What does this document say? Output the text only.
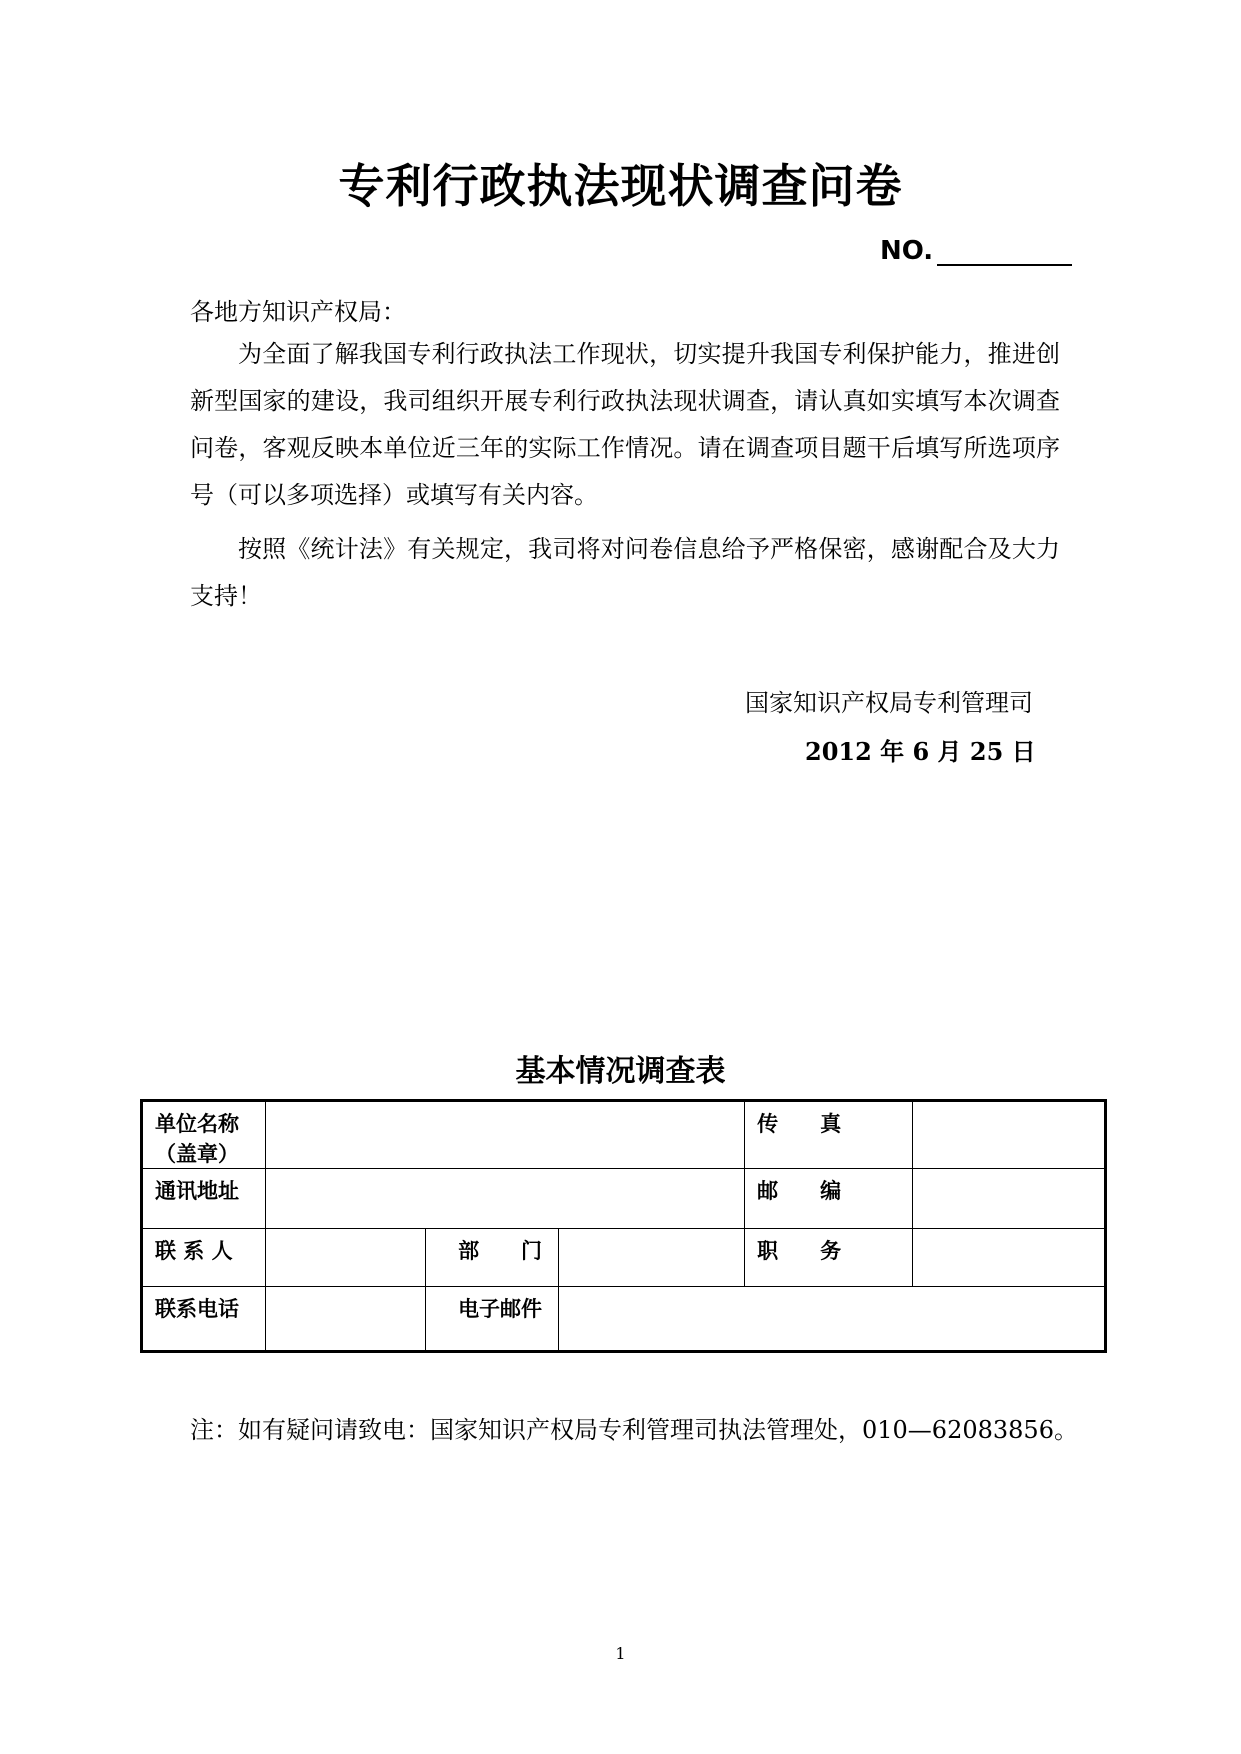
专利行政执法现状调查问卷
NO.
各地方知识产权局：
为全面了解我国专利行政执法工作现状，切实提升我国专利保护能力，推进创新型国家的建设，我司组织开展专利行政执法现状调查，请认真如实填写本次调查问卷，客观反映本单位近三年的实际工作情况。请在调查项目题干后填写所选项序号（可以多项选择）或填写有关内容。
按照《统计法》有关规定，我司将对问卷信息给予严格保密，感谢配合及大力支持！
国家知识产权局专利管理司
2012 年 6 月 25 日
基本情况调查表
单位名称
（盖章）				传　　真	
通讯地址				邮　　编	
联 系 人		部　　门		职　　务	
联系电话		电子邮件			
注：如有疑问请致电：国家知识产权局专利管理司执法管理处，010—62083856。
1
